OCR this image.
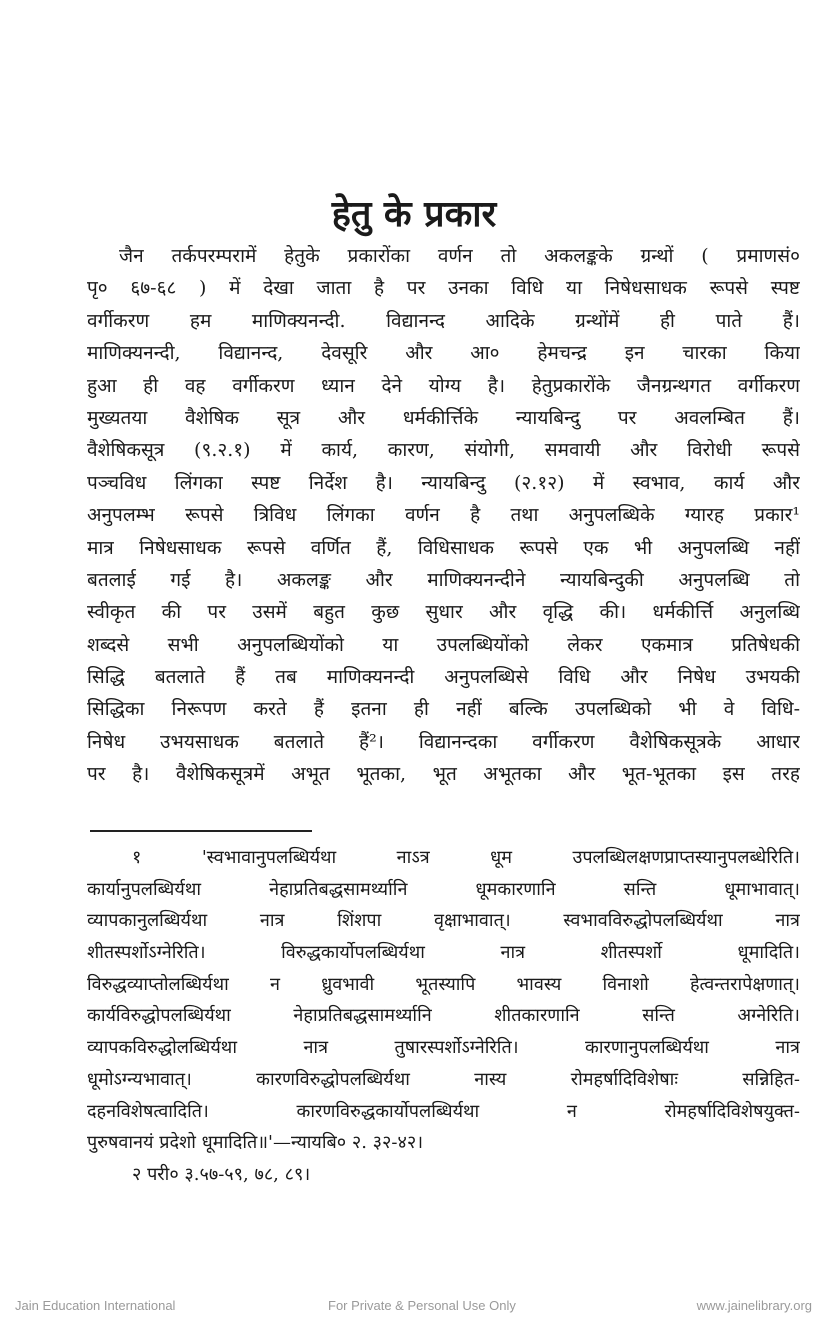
हेतु के प्रकार
जैन तर्कपरम्परामें हेतुके प्रकारोंका वर्णन तो अकलङ्कके ग्रन्थों ( प्रमाणसं०
पृ० ६७-६८ ) में देखा जाता है पर उनका विधि या निषेधसाधक रूपसे स्पष्ट
वर्गीकरण हम माणिक्यनन्दी. विद्यानन्द आदिके ग्रन्थोंमें ही पाते हैं।
माणिक्यनन्दी, विद्यानन्द, देवसूरि और आ० हेमचन्द्र इन चारका किया
हुआ ही वह वर्गीकरण ध्यान देने योग्य है। हेतुप्रकारोंके जैनग्रन्थगत वर्गीकरण
मुख्यतया वैशेषिक सूत्र और धर्मकीर्त्तिके न्यायबिन्दु पर अवलम्बित हैं।
वैशेषिकसूत्र (९.२.१) में कार्य, कारण, संयोगी, समवायी और विरोधी रूपसे
पञ्चविध लिंगका स्पष्ट निर्देश है। न्यायबिन्दु (२.१२) में स्वभाव, कार्य और
अनुपलम्भ रूपसे त्रिविध लिंगका वर्णन है तथा अनुपलब्धिके ग्यारह प्रकार¹
मात्र निषेधसाधक रूपसे वर्णित हैं, विधिसाधक रूपसे एक भी अनुपलब्धि नहीं
बतलाई गई है। अकलङ्क और माणिक्यनन्दीने न्यायबिन्दुकी अनुपलब्धि तो
स्वीकृत की पर उसमें बहुत कुछ सुधार और वृद्धि की। धर्मकीर्त्ति अनुलब्धि
शब्दसे सभी अनुपलब्धियोंको या उपलब्धियोंको लेकर एकमात्र प्रतिषेधकी
सिद्धि बतलाते हैं तब माणिक्यनन्दी अनुपलब्धिसे विधि और निषेध उभयकी
सिद्धिका निरूपण करते हैं इतना ही नहीं बल्कि उपलब्धिको भी वे विधि-
निषेध उभयसाधक बतलाते हैं²। विद्यानन्दका वर्गीकरण वैशेषिकसूत्रके आधार
पर है। वैशेषिकसूत्रमें अभूत भूतका, भूत अभूतका और भूत-भूतका इस तरह
१ 'स्वभावानुपलब्धिर्यथा नाऽत्र धूम उपलब्धिलक्षणप्राप्तस्यानुपलब्धेरिति।
कार्यानुपलब्धिर्यथा नेहाप्रतिबद्धसामर्थ्यानि धूमकारणानि सन्ति धूमाभावात्।
व्यापकानुलब्धिर्यथा नात्र शिंशपा वृक्षाभावात्। स्वभावविरुद्धोपलब्धिर्यथा नात्र
शीतस्पर्शोऽग्नेरिति। विरुद्धकार्योपलब्धिर्यथा नात्र शीतस्पर्शो धूमादिति।
विरुद्धव्याप्तोलब्धिर्यथा न ध्रुवभावी भूतस्यापि भावस्य विनाशो हेत्वन्तरापेक्षणात्।
कार्यविरुद्धोपलब्धिर्यथा नेहाप्रतिबद्धसामर्थ्यानि शीतकारणानि सन्ति अग्नेरिति।
व्यापकविरुद्धोलब्धिर्यथा नात्र तुषारस्पर्शोऽग्नेरिति। कारणानुपलब्धिर्यथा नात्र
धूमोऽग्न्यभावात्। कारणविरुद्धोपलब्धिर्यथा नास्य रोमहर्षादिविशेषाः सन्निहित-
दहनविशेषत्वादिति। कारणविरुद्धकार्योपलब्धिर्यथा न रोमहर्षादिविशेषयुक्त-
पुरुषवानयं प्रदेशो धूमादिति॥'—न्यायबि० २. ३२-४२।
२ परी० ३.५७-५९, ७८, ८९।
Jain Education International	For Private & Personal Use Only	www.jainelibrary.org
